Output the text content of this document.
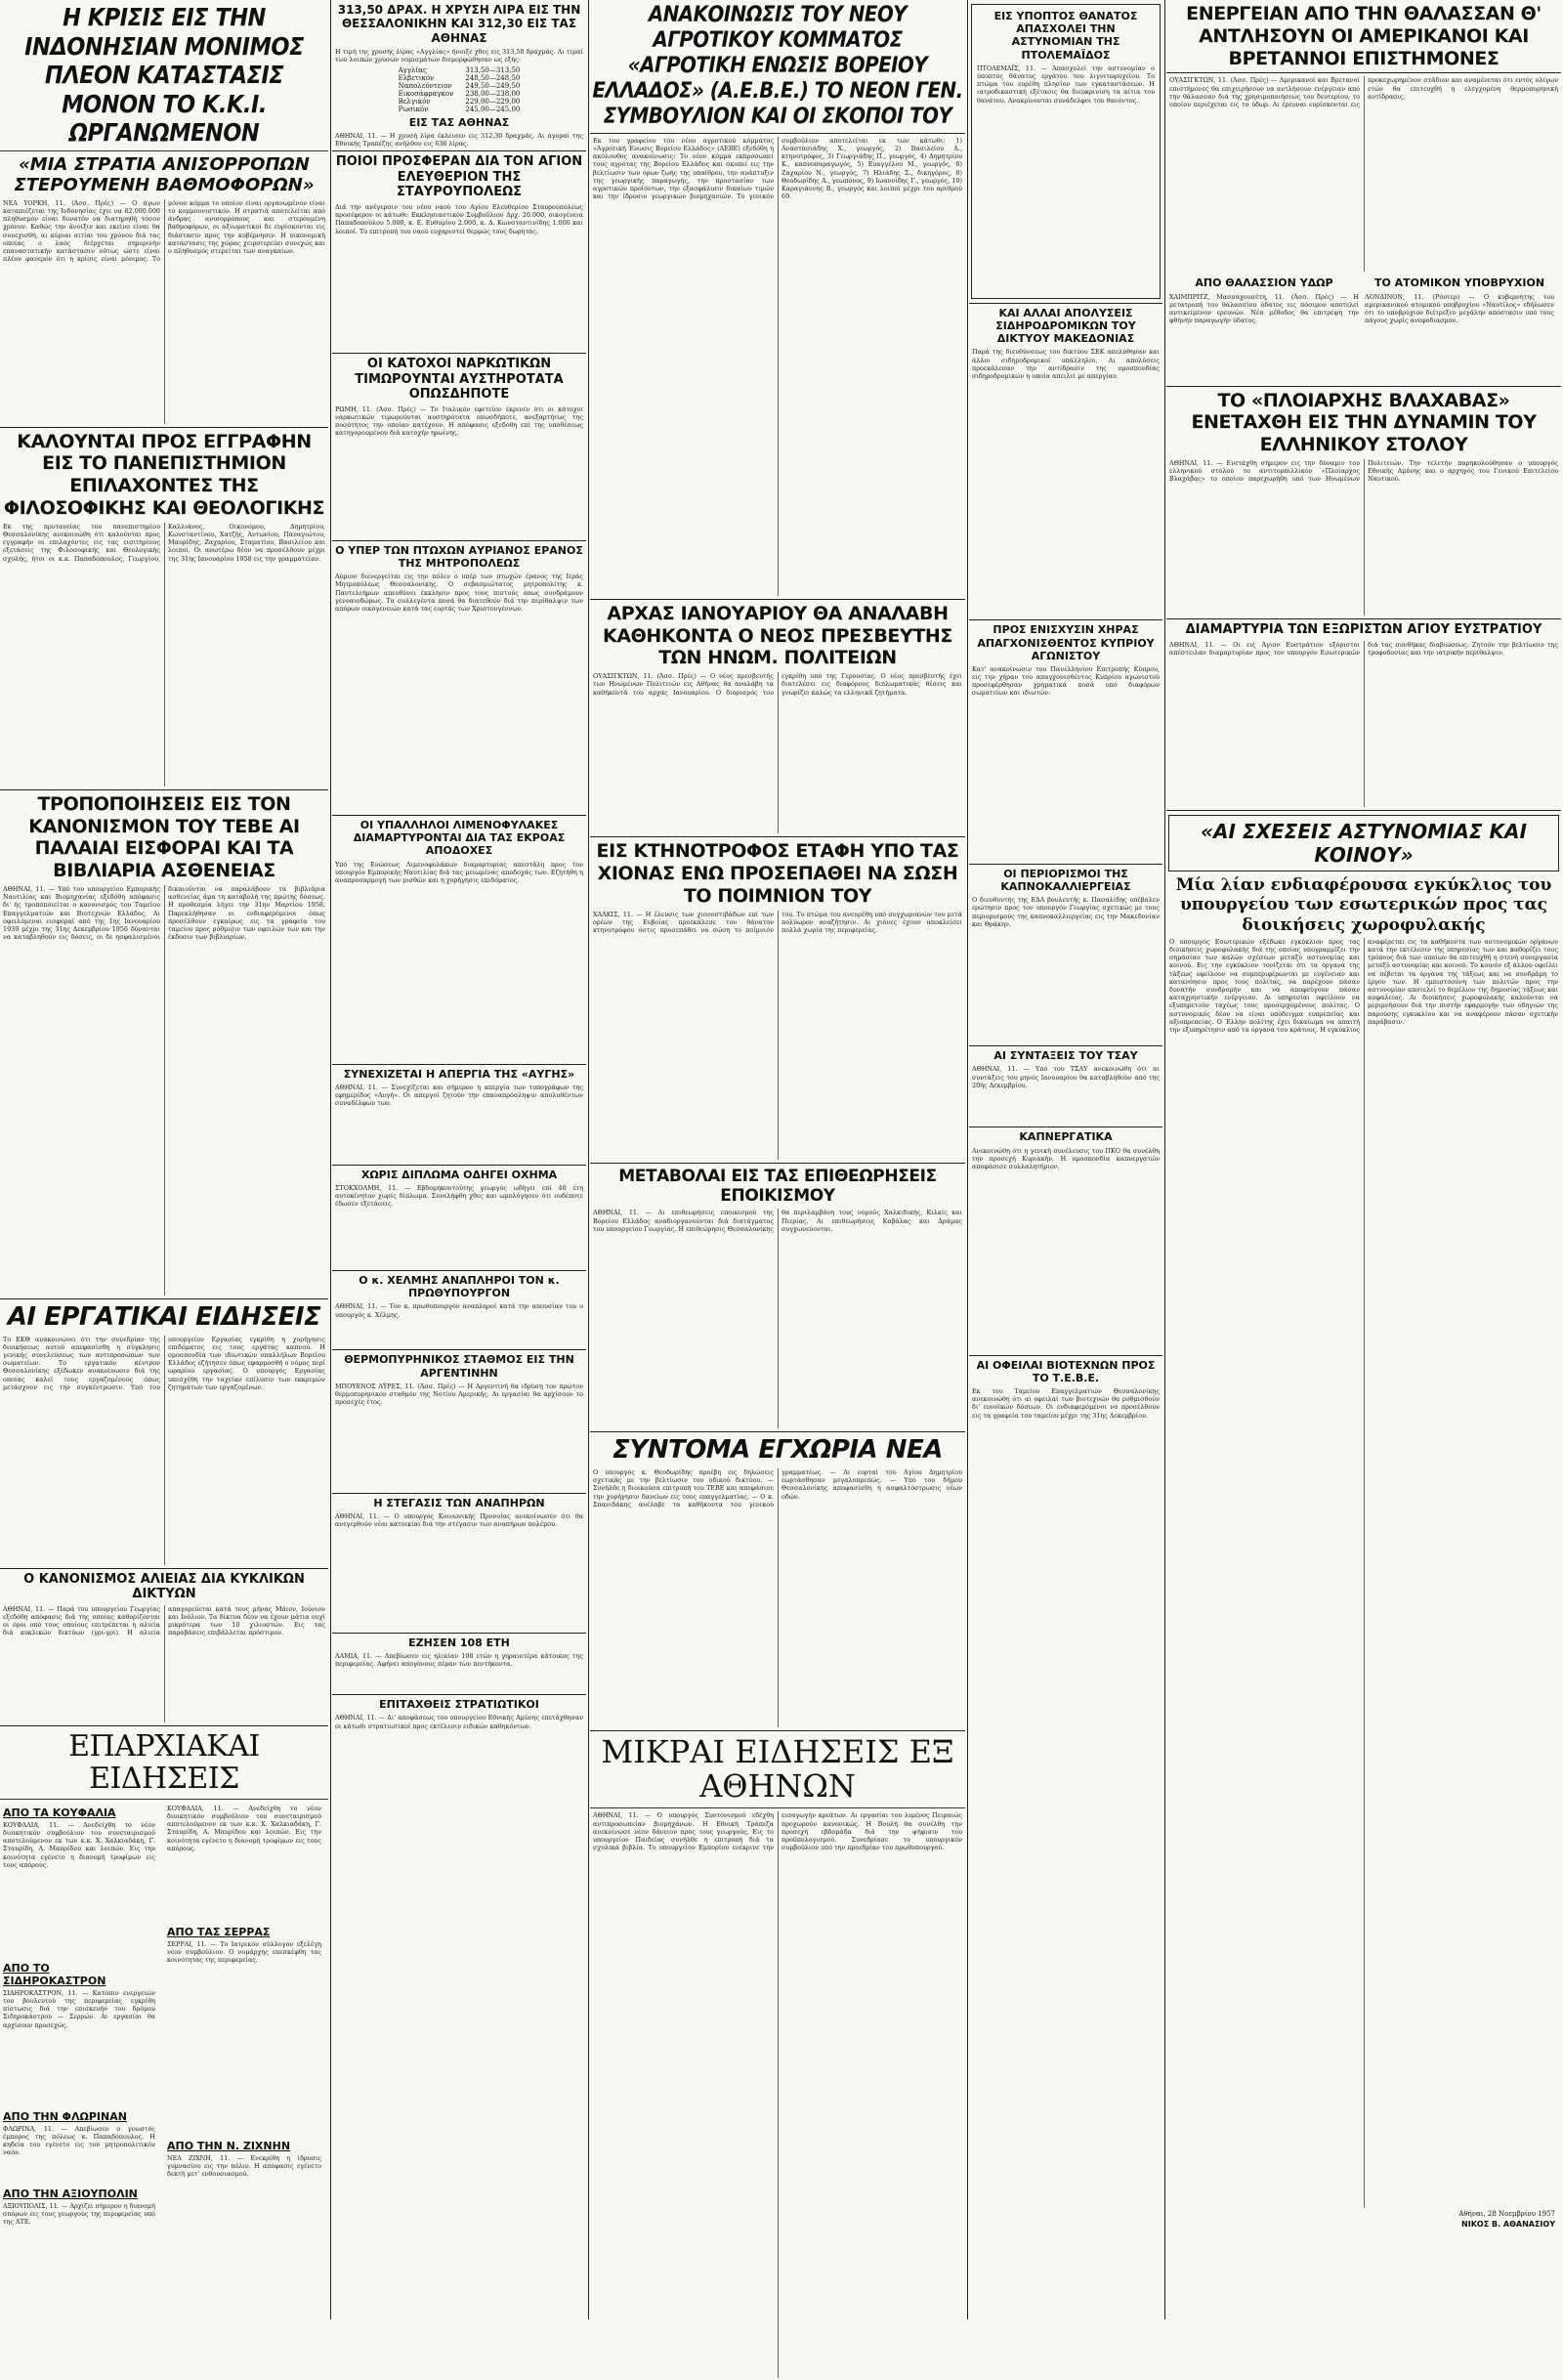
Η ΚΡΙΣΙΣ ΕΙΣ ΤΗΝ ΙΝΔΟΝΗΣΙΑΝ ΜΟΝΙΜΟΣ ΠΛΕΟΝ ΚΑΤΑΣΤΑΣΙΣ ΜΟΝΟΝ ΤΟ Κ.Κ.Ι. ΩΡΓΑΝΩΜΕΝΟΝ
«ΜΙΑ ΣΤΡΑΤΙΑ ΑΝΙΣΟΡΡΟΠΩΝ ΣΤΕΡΟΥΜΕΝΗ ΒΑΘΜΟΦΟΡΩΝ»
ΝΕΑ ΥΟΡΚΗ, 11. (Άσσ. Πρές) — Ο άγων καταπιέζεται της Ινδονησίας έχει να 82.000.000 πληθυσμόν είναι δυνατόν να διατηρηθή τόσον χρόνον. Καθώς την άνοιξιν και εκείνο είναι θα συνεχισθή, αι κύριαι αιτίαι του χρόνου διά τας οποίας ο λαός διέρχεται σημερινήν επαναστατικήν κατάστασιν ούτως ώστε είναι πλέον φανερόν ότι η κρίσις είναι μόνιμος. Το μόνον κόμμα το οποίον είναι οργανωμένον είναι το κομμουνιστικόν. Η στρατιά αποτελείται από άνδρας ανισορρόπους και στερουμένη βαθμοφόρων, οι αξιωματικοί δε ευρίσκονται εις διάστασιν προς την κυβέρνησιν. Η οικονομική κατάστασις της χώρας χειροτερεύει συνεχώς και ο πληθυσμός στερείται των αναγκαίων.
ΚΑΛΟΥΝΤΑΙ ΠΡΟΣ ΕΓΓΡΑΦΗΝ ΕΙΣ ΤΟ ΠΑΝΕΠΙΣΤΗΜΙΟΝ ΕΠΙΛΑΧΟΝΤΕΣ ΤΗΣ ΦΙΛΟΣΟΦΙΚΗΣ ΚΑΙ ΘΕΟΛΟΓΙΚΗΣ
Εκ της πρυτανείας του πανεπιστημίου Θεσσαλονίκης ανεκοινώθη ότι καλούνται προς εγγραφήν οι επιλαχόντες εις τας εισιτηρίους εξετάσεις της Φιλοσοφικής και Θεολογικής σχολής, ήτοι οι κ.κ. Παπαδόπουλος, Γεωργίου, Καλλιάνος, Οικονόμου, Δημητρίου, Κωνσταντίνου, Χατζής, Αντωνίου, Παναγιώτου, Μαυρίδης, Ζαχαρίου, Σταματίου, Βασιλείου και λοιποί. Οι ανωτέρω δέον να προσέλθουν μέχρι της 31ης Ιανουαρίου 1958 εις την γραμματείαν.
ΤΡΟΠΟΠΟΙΗΣΕΙΣ ΕΙΣ ΤΟΝ ΚΑΝΟΝΙΣΜΟΝ ΤΟΥ ΤΕΒΕ ΑΙ ΠΑΛΑΙΑΙ ΕΙΣΦΟΡΑΙ ΚΑΙ ΤΑ ΒΙΒΛΙΑΡΙΑ ΑΣΘΕΝΕΙΑΣ
ΑΘΗΝΑΙ, 11. — Υπό του υπουργείου Εμπορικής Ναυτιλίας και Βιομηχανίας εξεδόθη απόφασις δι' ής τροποποιείται ο κανονισμός του Ταμείου Επαγγελματιών και Βιοτεχνών Ελλάδος. Αι οφειλόμεναι εισφοραί από της 1ης Ιανουαρίου 1939 μέχρι της 31ης Δεκεμβρίου 1956 δύνανται να καταβληθούν εις δόσεις, οι δε ησφαλισμένοι δικαιούνται να παραλάβουν τα βιβλιάρια ασθενείας άμα τη καταβολή της πρώτης δόσεως. Η προθεσμία λήγει την 31ην Μαρτίου 1958. Παρεκλήθησαν οι ενδιαφερόμενοι όπως προσέλθουν εγκαίρως εις τα γραφεία του ταμείου προς ρύθμισιν των οφειλών των και την έκδοσιν των βιβλιαρίων.
ΑΙ ΕΡΓΑΤΙΚΑΙ ΕΙΔΗΣΕΙΣ
Το ΕΚΘ ανακοινώνει ότι την συνεδρίαν της διοικήσεως αυτού απεφασίσθη η σύγκλησις γενικής συνελεύσεως των αντιπροσώπων των σωματείων. Το εργατικόν κέντρον Θεσσαλονίκης εξέδωκεν ανακοίνωσιν διά της οποίας καλεί τους εργαζομένους όπως μετάσχουν εις την συγκέντρωσιν. Υπό του υπουργείου Εργασίας εγκρίθη η χορήγησις επιδόματος εις τους εργάτας καπνού. Η ομοσπονδία των ιδιωτικών υπαλλήλων Βορείου Ελλάδος εζήτησεν όπως εφαρμοσθή ο νόμος περί ωραρίου εργασίας. Ο υπουργός Εργασίας υπεσχέθη την ταχείαν επίλυσιν των εκκρεμών ζητημάτων των εργαζομένων.
Ο ΚΑΝΟΝΙΣΜΟΣ ΑΛΙΕΙΑΣ ΔΙΑ ΚΥΚΛΙΚΩΝ ΔΙΚΤΥΩΝ
ΑΘΗΝΑΙ, 11. — Παρά του υπουργείου Γεωργίας εξεδόθη απόφασις διά της οποίας καθορίζονται οι όροι υπό τους οποίους επιτρέπεται η αλιεία διά κυκλικών δικτύων (γρι-γρι). Η αλιεία απαγορεύεται κατά τους μήνας Μάιον, Ιούνιον και Ιούλιον. Τα δίκτυα δέον να έχουν μάτια ουχί μικρότερα των 10 χιλιοστών. Εις τας παραβάσεις επιβάλλεται πρόστιμον.
ΕΠΑΡΧΙΑΚΑΙ ΕΙΔΗΣΕΙΣ
ΑΠΟ ΤΑ ΚΟΥΦΑΛΙΑ
ΚΟΥΦΑΛΙΑ, 11. — Ανεδείχθη το νέον διοικητικόν συμβούλιον του συνεταιρισμού αποτελούμενον εκ των κ.κ. Χ. Χαλκιαδάκη, Γ. Σταυρίδη, Α. Μαυρίδου και λοιπών. Εις την κοινότητα εγένετο η διανομή τροφίμων εις τους απόρους.
ΑΠΟ ΤΟ ΣΙΔΗΡΟΚΑΣΤΡΟΝ
ΣΙΔΗΡΟΚΑΣΤΡΟΝ, 11. — Κατόπιν ενεργειών του βουλευτού της περιφερείας εγκρίθη πίστωσις διά την επισκευήν του δρόμου Σιδηροκάστρου — Σερρών. Αι εργασίαι θα αρχίσουν προσεχώς.
ΑΠΟ ΤΗΝ ΦΛΩΡΙΝΑΝ
ΦΛΩΡΙΝΑ, 11. — Απεβίωσεν ο γνωστός έμπορος της πόλεως κ. Παπαδόπουλος. Η κηδεία του εγένετο εις τον μητροπολιτικόν ναόν.
ΑΠΟ ΤΗΝ ΑΞΙΟΥΠΟΛΙΝ
ΑΞΙΟΥΠΟΛΙΣ, 11. — Αρχίζει σήμερον η διανομή σπόρων εις τους γεωργούς της περιφερείας υπό της ΑΤΕ.
ΚΟΥΦΑΛΙΑ, 11. — Ανεδείχθη το νέον διοικητικόν συμβούλιον του συνεταιρισμού αποτελούμενον εκ των κ.κ. Χ. Χαλκιαδάκη, Γ. Σταυρίδη, Α. Μαυρίδου και λοιπών. Εις την κοινότητα εγένετο η διανομή τροφίμων εις τους απόρους.
ΑΠΟ ΤΑΣ ΣΕΡΡΑΣ
ΣΕΡΡΑΙ, 11. — Το Ιατρικόν σύλλογον εξελέγη νέον συμβούλιον. Ο νομάρχης επεσκέφθη τας κοινότητας της περιφερείας.
ΑΠΟ ΤΗΝ Ν. ΖΙΧΝΗΝ
ΝΕΑ ΖΙΧΝΗ, 11. — Ενεκρίθη η ίδρυσις γυμνασίου εις την πόλιν. Η απόφασις εγένετο δεκτή μετ' ενθουσιασμού.
313,50 ΔΡΑΧ. Η ΧΡΥΣΗ ΛΙΡΑ ΕΙΣ ΤΗΝ ΘΕΣΣΑΛΟΝΙΚΗΝ ΚΑΙ 312,30 ΕΙΣ ΤΑΣ ΑΘΗΝΑΣ
Η τιμή της χρυσής λίρας «Αγγλίας» ήνοιξε χθες εις 313,50 δραχμάς. Αι τιμαί των λοιπών χρυσών νομισμάτων διεμορφώθησαν ως εξής:
Αγγλίας	313,50—313,50
Ελβετικόν	248,50—248,50
Ναπολεόντειον	249,50—249,50
Εικοσάφραγκον	238,00—238,00
Βελγικόν	229,00—229,00
Ρωσικόν	245,00—245,00
ΕΙΣ ΤΑΣ ΑΘΗΝΑΣ
ΑΘΗΝΑΙ, 11. — Η χρυσή λίρα έκλεισεν εις 312,30 δραχμάς. Αι αγοραί της Εθνικής Τραπέζης ανήλθον εις 636 λίρας.
ΠΟΙΟΙ ΠΡΟΣΦΕΡΑΝ ΔΙΑ ΤΟΝ ΑΓΙΟΝ ΕΛΕΥΘΕΡΙΟΝ ΤΗΣ ΣΤΑΥΡΟΥΠΟΛΕΩΣ
Διά την ανέγερσιν του νέου ναού του Αγίου Ελευθερίου Σταυρουπόλεως προσέφερον οι κάτωθι: Εκκλησιαστικόν Συμβούλιον Δρχ. 20.000, οικογένεια Παπαδοπούλου 5.000, κ. Ε. Ευθυμίου 2.000, κ. Δ. Κωνσταντινίδης 1.000 και λοιποί. Το επιτροπή του ναού ευχαριστεί θερμώς τους δωρητάς.
ΟΙ ΚΑΤΟΧΟΙ ΝΑΡΚΩΤΙΚΩΝ ΤΙΜΩΡΟΥΝΤΑΙ ΑΥΣΤΗΡΟΤΑΤΑ ΟΠΩΣΔΗΠΟΤΕ
ΡΩΜΗ, 11. (Άσσ. Πρές) — Το Ιταλικόν εφετείον έκρινεν ότι οι κάτοχοι ναρκωτικών τιμωρούνται αυστηρότατα οπωσδήποτε, ανεξαρτήτως της ποσότητος την οποίαν κατέχουν. Η απόφασις εξεδόθη επί της υποθέσεως κατηγορουμένου διά κατοχήν ηρωίνης.
Ο ΥΠΕΡ ΤΩΝ ΠΤΩΧΩΝ ΑΥΡΙΑΝΟΣ ΕΡΑΝΟΣ ΤΗΣ ΜΗΤΡΟΠΟΛΕΩΣ
Αύριον διενεργείται εις την πόλιν ο υπέρ των πτωχών έρανος της Ιεράς Μητροπόλεως Θεσσαλονίκης. Ο σεβασμιώτατος μητροπολίτης κ. Παντελεήμων απευθύνει έκκλησιν προς τους πιστούς όπως συνδράμουν γενναιοδώρως. Τα συλλεγέντα ποσά θα διατεθούν διά την περίθαλψιν των απόρων οικογενειών κατά τας εορτάς των Χριστουγέννων.
ΟΙ ΥΠΑΛΛΗΛΟΙ ΛΙΜΕΝΟΦΥΛΑΚΕΣ ΔΙΑΜΑΡΤΥΡΟΝΤΑΙ ΔΙΑ ΤΑΣ ΕΚΡΟΑΣ ΑΠΟΔΟΧΕΣ
Υπό της Ενώσεως Λιμενοφυλάκων διαμαρτυρίας απεστάλη προς τον υπουργόν Εμπορικής Ναυτιλίας διά τας μειωμένας αποδοχάς των. Εζητήθη η αναπροσαρμογή των μισθών και η χορήγησις επιδόματος.
ΣΥΝΕΧΙΖΕΤΑΙ Η ΑΠΕΡΓΙΑ ΤΗΣ «ΑΥΓΗΣ»
ΑΘΗΝΑΙ, 11. — Συνεχίζεται και σήμερον η απεργία των τυπογράφων της εφημερίδος «Αυγή». Οι απεργοί ζητούν την επαναπρόσληψιν απολυθέντων συναδέλφων των.
ΧΩΡΙΣ ΔΙΠΛΩΜΑ ΟΔΗΓΕΙ ΟΧΗΜΑ
ΣΤΟΚΧΟΛΜΗ, 11. — Εβδομηκοντούτης γεωργός ωδήγει επί 40 έτη αυτοκίνητον χωρίς δίπλωμα. Συνελήφθη χθες και ωμολόγησεν ότι ουδέποτε έδωσεν εξετάσεις.
Ο κ. ΧΕΛΜΗΣ ΑΝΑΠΛΗΡΟΙ ΤΟΝ κ. ΠΡΩΘΥΠΟΥΡΓΟΝ
ΑΘΗΝΑΙ, 11. — Τον κ. πρωθυπουργόν αναπληροί κατά την απουσίαν του ο υπουργός κ. Χέλμης.
ΘΕΡΜΟΠΥΡΗΝΙΚΟΣ ΣΤΑΘΜΟΣ ΕΙΣ ΤΗΝ ΑΡΓΕΝΤΙΝΗΝ
ΜΠΟΥΕΝΟΣ ΑΫΡΕΣ, 11. (Άσσ. Πρές) — Η Αργεντινή θα ιδρύση τον πρώτον θερμοπυρηνικόν σταθμόν της Νοτίου Αμερικής. Αι εργασίαι θα αρχίσουν το προσεχές έτος.
Η ΣΤΕΓΑΣΙΣ ΤΩΝ ΑΝΑΠΗΡΩΝ
ΑΘΗΝΑΙ, 11. — Ο υπουργός Κοινωνικής Προνοίας ανεκοίνωσεν ότι θα ανεγερθούν νέαι κατοικίαι διά την στέγασιν των αναπήρων πολέμου.
ΕΖΗΣΕΝ 108 ΕΤΗ
ΛΑΜΙΑ, 11. — Απεβίωσεν εις ηλικίαν 108 ετών η γηραιοτέρα κάτοικος της περιφερείας. Αφήνει απογόνους πέραν των πεντήκοντα.
ΕΠΙΤΑΧΘΕΙΣ ΣΤΡΑΤΙΩΤΙΚΟΙ
ΑΘΗΝΑΙ, 11. — Δι' αποφάσεως του υπουργείου Εθνικής Αμύνης επετάχθησαν οι κάτωθι στρατιωτικοί προς εκτέλεσιν ειδικών καθηκόντων.
ΑΝΑΚΟΙΝΩΣΙΣ ΤΟΥ ΝΕΟΥ ΑΓΡΟΤΙΚΟΥ ΚΟΜΜΑΤΟΣ «ΑΓΡΟΤΙΚΗ ΕΝΩΣΙΣ ΒΟΡΕΙΟΥ ΕΛΛΑΔΟΣ» (Α.Ε.Β.Ε.) ΤΟ ΝΕΟΝ ΓΕΝ. ΣΥΜΒΟΥΛΙΟΝ ΚΑΙ ΟΙ ΣΚΟΠΟΙ ΤΟΥ
Εκ του γραφείου του νέου αγροτικού κόμματος «Αγροτική Ένωσις Βορείου Ελλάδος» (ΑΕΒΕ) εξεδόθη η ακόλουθος ανακοίνωσις: Το νέον κόμμα εκπροσωπεί τους αγρότας της Βορείου Ελλάδος και σκοπεί εις την βελτίωσιν των όρων ζωής της υπαίθρου, την ανάπτυξιν της γεωργικής παραγωγής, την προστασίαν των αγροτικών προϊόντων, την εξασφάλισιν δικαίων τιμών και την ίδρυσιν γεωργικών βιομηχανιών. Το γενικόν συμβούλιον αποτελείται εκ των κάτωθι: 1) Αναστασιάδης Χ., γεωργός, 2) Βασιλείου Δ., κτηνοτρόφος, 3) Γεωργιάδης Π., γεωργός, 4) Δημητρίου Κ., καπνοπαραγωγός, 5) Ευαγγέλου Μ., γεωργός, 6) Ζαχαρίου Ν., γεωργός, 7) Ηλιάδης Σ., δικηγόρος, 8) Θεοδωρίδης Α., γεωπόνος, 9) Ιωαννίδης Γ., γεωργός, 10) Καραγιάννης Β., γεωργός και λοιποί μέχρι του αριθμού 69.
ΑΡΧΑΣ ΙΑΝΟΥΑΡΙΟΥ ΘΑ ΑΝΑΛΑΒΗ ΚΑΘΗΚΟΝΤΑ Ο ΝΕΟΣ ΠΡΕΣΒΕΥΤΗΣ ΤΩΝ ΗΝΩΜ. ΠΟΛΙΤΕΙΩΝ
ΟΥΑΣΙΓΚΤΩΝ, 11. (Άσσ. Πρές) — Ο νέος πρεσβευτής των Ηνωμένων Πολιτειών εις Αθήνας θα αναλάβη τα καθήκοντά του αρχάς Ιανουαρίου. Ο διορισμός του εγκρίθη υπό της Γερουσίας. Ο νέος πρεσβευτής έχει διατελέσει εις διαφόρους διπλωματικάς θέσεις και γνωρίζει καλώς τα ελληνικά ζητήματα.
ΕΙΣ ΚΤΗΝΟΤΡΟΦΟΣ ΕΤΑΦΗ ΥΠΟ ΤΑΣ ΧΙΟΝΑΣ ΕΝΩ ΠΡΟΣΕΠΑΘΕΙ ΝΑ ΣΩΣΗ ΤΟ ΠΟΙΜΝΙΟΝ ΤΟΥ
ΧΑΛΚΙΣ, 11. — Η έλευσις των χιονοστιβάδων επί των ορέων της Ευβοίας προεκάλεσε τον θάνατον κτηνοτρόφου όστις προσεπάθει να σώση το ποίμνιόν του. Το πτώμα του ανευρέθη υπό συγχωριανών του μετά πολύωρον αναζήτησιν. Αι χιόνες έχουν αποκλείσει πολλά χωρία της περιφερείας.
ΜΕΤΑΒΟΛΑΙ ΕΙΣ ΤΑΣ ΕΠΙΘΕΩΡΗΣΕΙΣ ΕΠΟΙΚΙΣΜΟΥ
ΑΘΗΝΑΙ, 11. — Αι επιθεωρήσεις εποικισμού της Βορείου Ελλάδος αναδιοργανούνται διά διατάγματος του υπουργείου Γεωργίας. Η επιθεώρησις Θεσσαλονίκης θα περιλαμβάνη τους νομούς Χαλκιδικής, Κιλκίς και Πιερίας. Αι επιθεωρήσεις Καβάλας και Δράμας συγχωνεύονται.
ΣΥΝΤΟΜΑ ΕΓΧΩΡΙΑ ΝΕΑ
Ο υπουργός κ. Θεοδωρίδης προέβη εις δηλώσεις σχετικάς με την βελτίωσιν του οδικού δικτύου. — Συνήλθε η διοικούσα επιτροπή του ΤΕΒΕ και απεφάσισε την χορήγησιν δανείων εις τους επαγγελματίας. — Ο κ. Σπανιδάκης ανέλαβε τα καθήκοντα του γενικού γραμματέως. — Αι εορταί του Αγίου Δημητρίου εωρτάσθησαν μεγαλοπρεπώς. — Υπό του δήμου Θεσσαλονίκης αποφασίσθη η ασφαλτόστρωσις νέων οδών.
ΜΙΚΡΑΙ ΕΙΔΗΣΕΙΣ ΕΞ ΑΘΗΝΩΝ
ΑΘΗΝΑΙ, 11. — Ο υπουργός Συντονισμού εδέχθη αντιπροσωπείαν βιομηχάνων. Η Εθνική Τράπεζα ανεκοίνωσε νέον δάνειον προς τους γεωργούς. Εις το υπουργείον Παιδείας συνήλθε η επιτροπή διά τα σχολικά βιβλία. Το υπουργείον Εμπορίου ενέκρινε την εισαγωγήν κρεάτων. Αι εργασίαι του λιμένος Πειραιώς προχωρούν κανονικώς. Η Βουλή θα συνέλθη την προσεχή εβδομάδα διά την ψήφισιν του προϋπολογισμού. Συνεδρίασε το υπουργικόν συμβούλιον υπό την προεδρίαν του πρωθυπουργού.
ΕΙΣ ΥΠΟΠΤΟΣ ΘΑΝΑΤΟΣ ΑΠΑΣΧΟΛΕΙ ΤΗΝ ΑΣΤΥΝΟΜΙΑΝ ΤΗΣ ΠΤΟΛΕΜΑΪΔΟΣ
ΠΤΟΛΕΜΑΪΣ, 11. — Απασχολεί την αστυνομίαν ο ύποπτος θάνατος εργάτου του λιγνιτωρυχείου. Το πτώμα του ευρέθη πλησίον των εγκαταστάσεων. Η ιατροδικαστική εξέτασις θα διευκρινίση τα αίτια του θανάτου. Ανακρίνονται συνάδελφοι του θανόντος.
ΚΑΙ ΑΛΛΑΙ ΑΠΟΛΥΣΕΙΣ ΣΙΔΗΡΟΔΡΟΜΙΚΩΝ ΤΟΥ ΔΙΚΤΥΟΥ ΜΑΚΕΔΟΝΙΑΣ
Παρά της διευθύνσεως του δικτύου ΣΕΚ απελύθησαν και άλλοι σιδηροδρομικοί υπάλληλοι. Αι απολύσεις προεκάλεσαν την αντίδρασιν της ομοσπονδίας σιδηροδρομικών η οποία απειλεί με απεργίαν.
ΠΡΟΣ ΕΝΙΣΧΥΣΙΝ ΧΗΡΑΣ ΑΠΑΓΧΟΝΙΣΘΕΝΤΟΣ ΚΥΠΡΙΟΥ ΑΓΩΝΙΣΤΟΥ
Κατ' ανακοίνωσιν του Πανελληνίου Επιτροπής Κύπρου, εις την χήραν του απαγχονισθέντος Κυπρίου αγωνιστού προσεφέρθησαν χρηματικά ποσά υπό διαφόρων σωματείων και ιδιωτών.
ΟΙ ΠΕΡΙΟΡΙΣΜΟΙ ΤΗΣ ΚΑΠΝΟΚΑΛΛΙΕΡΓΕΙΑΣ
Ο διευθυντής της ΕΔΑ βουλευτής κ. Πασαλίδης υπέβαλεν ερώτησιν προς τον υπουργόν Γεωργίας σχετικώς με τους περιορισμούς της καπνοκαλλιεργείας εις την Μακεδονίαν και Θράκην.
ΑΙ ΣΥΝΤΑΞΕΙΣ ΤΟΥ ΤΣΑΥ
ΑΘΗΝΑΙ, 11. — Υπό του ΤΣΑΥ ανεκοινώθη ότι αι συντάξεις του μηνός Ιανουαρίου θα καταβληθούν από της 20ής Δεκεμβρίου.
ΚΑΠΝΕΡΓΑΤΙΚΑ
Ανεκοινώθη ότι η γενική συνέλευσις του ΠΚΟ θα συνέλθη την προσεχή Κυριακήν. Η ομοσπονδία καπνεργατών αποφάσισε συλλαλητήριον.
ΑΙ ΟΦΕΙΛΑΙ ΒΙΟΤΕΧΝΩΝ ΠΡΟΣ ΤΟ Τ.Ε.Β.Ε.
Εκ του Ταμείου Επαγγελματιών Θεσσαλονίκης ανεκοινώθη ότι αι οφειλαί των βιοτεχνών θα ρυθμισθούν δι' ευνοϊκών δόσεων. Οι ενδιαφερόμενοι να προσέλθουν εις τα γραφεία του ταμείου μέχρι της 31ης Δεκεμβρίου.
ΕΝΕΡΓΕΙΑΝ ΑΠΟ ΤΗΝ ΘΑΛΑΣΣΑΝ Θ' ΑΝΤΛΗΣΟΥΝ ΟΙ ΑΜΕΡΙΚΑΝΟΙ ΚΑΙ ΒΡΕΤΑΝΝΟΙ ΕΠΙΣΤΗΜΟΝΕΣ
ΟΥΑΣΙΓΚΤΩΝ, 11. (Άσσ. Πρές) — Αμερικανοί και Βρετανοί επιστήμονες θα επιχειρήσουν να αντλήσουν ενέργειαν από την θάλασσαν διά της χρησιμοποιήσεως του δευτερίου, το οποίον περιέχεται εις το ύδωρ. Αι έρευναι ευρίσκονται εις προκεχωρημένον στάδιον και αναμένεται ότι εντός ολίγων ετών θα επιτευχθή η ελεγχομένη θερμοπυρηνική αντίδρασις.
ΑΠΟ ΘΑΛΑΣΣΙΟΝ ΥΔΩΡ
ΧΑΙΜΠΡΙΤΖ, Μασσαχουσέτη, 11. (Άσσ. Πρές) — Η μετατροπή του θαλασσίου ύδατος εις πόσιμον αποτελεί αντικείμενον ερευνών. Νέα μέθοδος θα επιτρέψη την φθηνήν παραγωγήν ύδατος.
ΤΟ ΑΤΟΜΙΚΟΝ ΥΠΟΒΡΥΧΙΟΝ
ΛΟΝΔΙΝΟΝ, 11. (Ρόυτερ) — Ο κυβερνήτης του αμερικανικού ατομικού υποβρυχίου «Ναυτίλος» εδήλωσεν ότι το υποβρύχιον διέτρεξεν μεγάλην απόστασιν υπό τους πάγους χωρίς ανεφοδιασμόν.
ΤΟ «ΠΛΟΙΑΡΧΗΣ ΒΛΑΧΑΒΑΣ» ΕΝΕΤΑΧΘΗ ΕΙΣ ΤΗΝ ΔΥΝΑΜΙΝ ΤΟΥ ΕΛΛΗΝΙΚΟΥ ΣΤΟΛΟΥ
ΑΘΗΝΑΙ, 11. — Ενετάχθη σήμερον εις την δύναμιν του ελληνικού στόλου το αντιτορπιλλικόν «Πλοίαρχος Βλαχάβας» το οποίον παρεχωρήθη υπό των Ηνωμένων Πολιτειών. Την τελετήν παρηκολούθησαν ο υπουργός Εθνικής Αμύνης και ο αρχηγός του Γενικού Επιτελείου Ναυτικού.
ΔΙΑΜΑΡΤΥΡΙΑ ΤΩΝ ΕΞΩΡΙΣΤΩΝ ΑΓΙΟΥ ΕΥΣΤΡΑΤΙΟΥ
ΑΘΗΝΑΙ, 11. — Οι εις Άγιον Ευστράτιον εξόριστοι απέστειλαν διαμαρτυρίαν προς τον υπουργόν Εσωτερικών διά τας συνθήκας διαβιώσεως. Ζητούν την βελτίωσιν της τροφοδοσίας και την ιατρικήν περίθαλψιν.
«ΑΙ ΣΧΕΣΕΙΣ ΑΣΤΥΝΟΜΙΑΣ ΚΑΙ ΚΟΙΝΟΥ»
Μία λίαν ενδιαφέρουσα εγκύκλιος του υπουργείου των εσωτερικών προς τας διοικήσεις χωροφυλακής
Ο υπουργός Εσωτερικών εξέδωκε εγκύκλιον προς τας διοικήσεις χωροφυλακής διά της οποίας υπογραμμίζει την σημασίαν των καλών σχέσεων μεταξύ αστυνομίας και κοινού. Εις την εγκύκλιον τονίζεται ότι τα όργανα της τάξεως οφείλουν να συμπεριφέρωνται με ευγένειαν και κατανόησιν προς τους πολίτας, να παρέχουν πάσαν δυνατήν συνδρομήν και να αποφεύγουν πάσαν καταχρηστικήν ενέργειαν. Αι υπηρεσίαι οφείλουν να εξυπηρετούν ταχέως τους προσερχομένους πολίτας. Ο αστυνομικός δέον να είναι υπόδειγμα ευπρεπείας και αξιοπρεπείας. Ο Έλλην πολίτης έχει δικαίωμα να απαιτή την εξυπηρέτησιν από τα όργανα του κράτους. Η εγκύκλιος αναφέρεται εις τα καθήκοντα των αστυνομικών οργάνων κατά την εκτέλεσιν της υπηρεσίας των και καθορίζει τους τρόπους διά των οποίων θα επιτευχθή η στενή συνεργασία μεταξύ αστυνομίας και κοινού. Το κοινόν εξ άλλου οφείλει να σέβεται τα όργανα της τάξεως και να συνδράμη το έργον των. Η εμπιστοσύνη των πολιτών προς την αστυνομίαν αποτελεί το θεμέλιον της δημοσίας τάξεως και ασφαλείας. Αι διοικήσεις χωροφυλακής καλούνται να μεριμνήσουν διά την πιστήν εφαρμογήν των οδηγιών της παρούσης εγκυκλίου και να αναφέρουν πάσαν σχετικήν παράβασιν.
Αθήναι, 28 Νοεμβρίου 1957
ΝΙΚΟΣ Β. ΑΘΑΝΑΣΙΟΥ
